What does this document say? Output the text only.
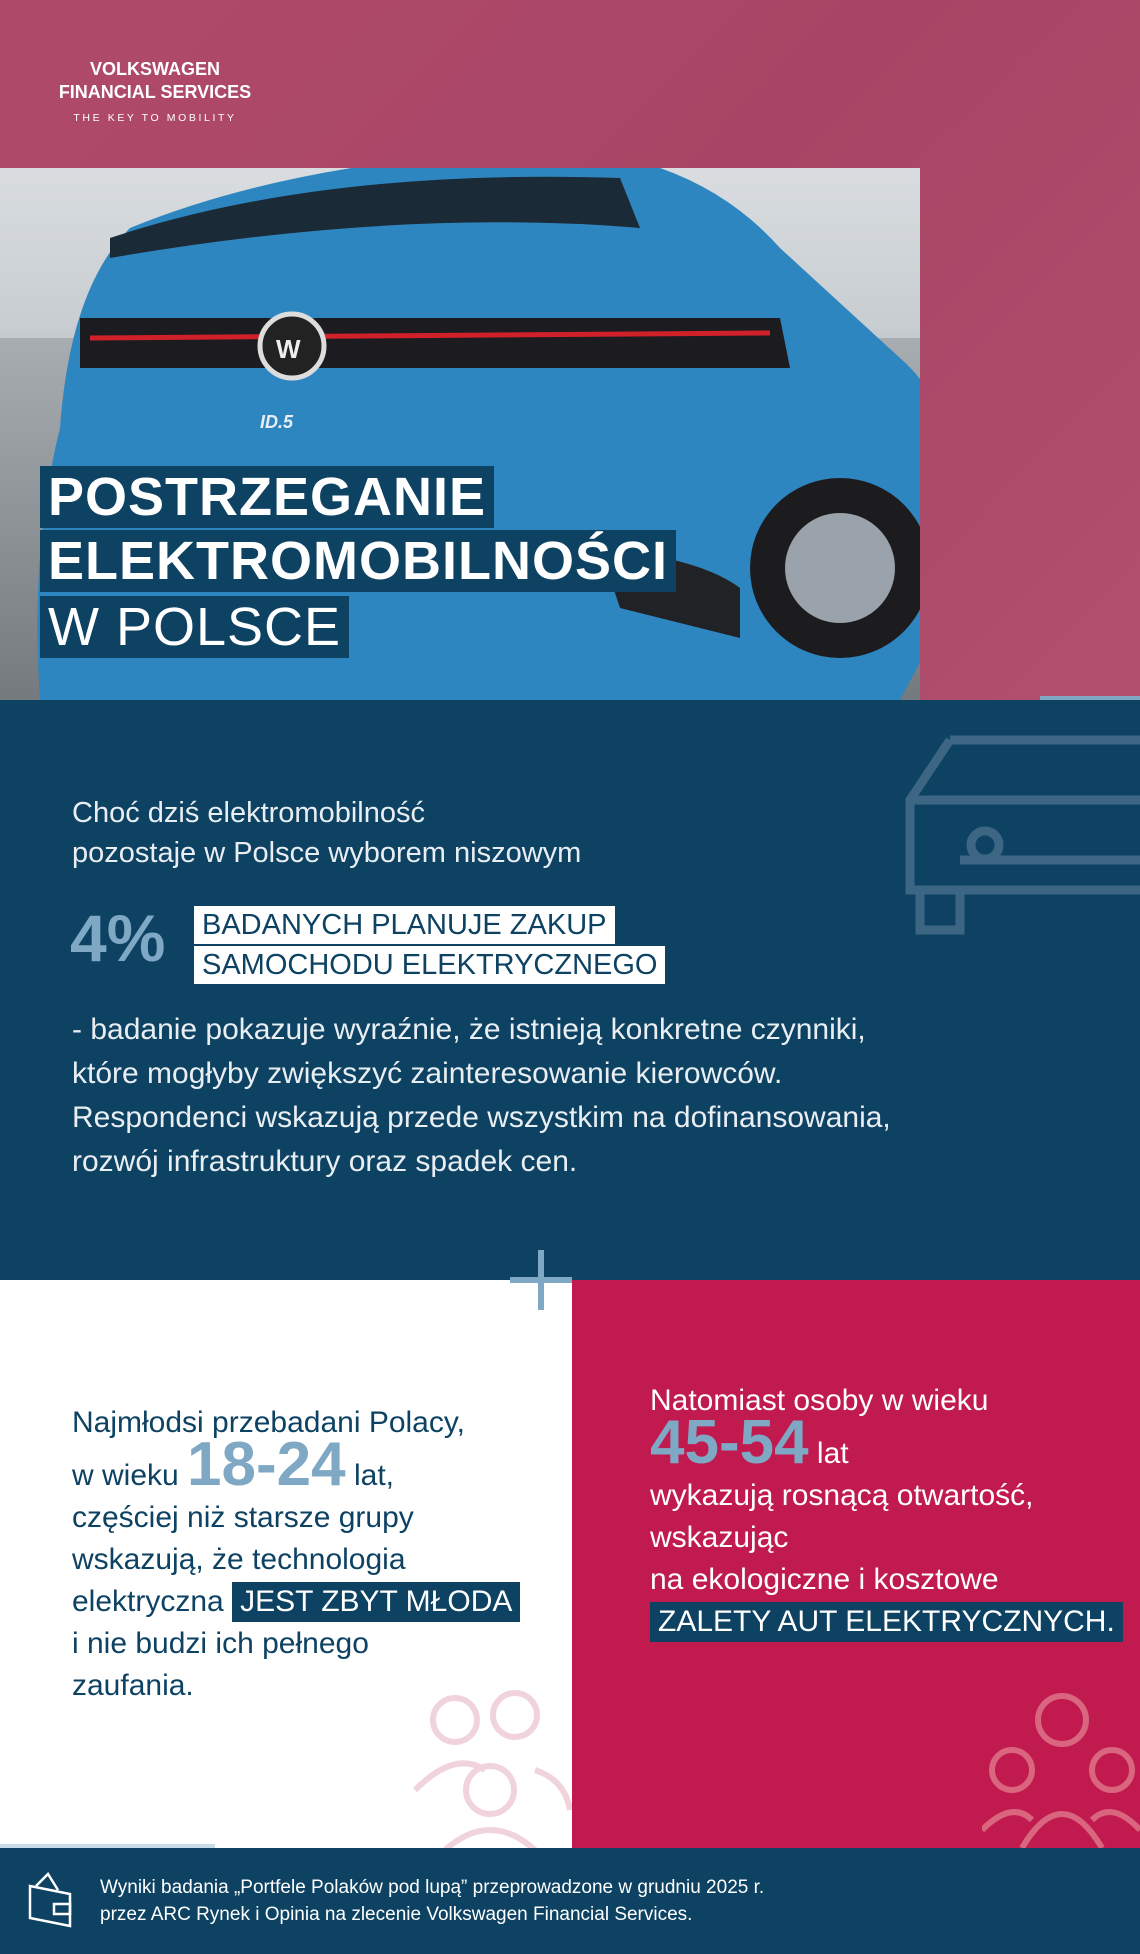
W
ID.5
VOLKSWAGEN
FINANCIAL SERVICES
THE KEY TO MOBILITY
POSTRZEGANIE
ELEKTROMOBILNOŚCI
W POLSCE
Choć dziś elektromobilność
pozostaje w Polsce wyborem niszowym
4% BADANYCH PLANUJE ZAKUP
SAMOCHODU ELEKTRYCZNEGO
- badanie pokazuje wyraźnie, że istnieją konkretne czynniki,
które mogłyby zwiększyć zainteresowanie kierowców.
Respondenci wskazują przede wszystkim na dofinansowania,
rozwój infrastruktury oraz spadek cen.
Najmłodsi przebadani Polacy,
w wieku 18-24 lat,
częściej niż starsze grupy
wskazują, że technologia
elektryczna JEST ZBYT MŁODA
i nie budzi ich pełnego
zaufania.
Natomiast osoby w wieku
45-54 lat
wykazują rosnącą otwartość,
wskazując
na ekologiczne i kosztowe
ZALETY AUT ELEKTRYCZNYCH.
Wyniki badania „Portfele Polaków pod lupą” przeprowadzone w grudniu 2025 r.
przez ARC Rynek i Opinia na zlecenie Volkswagen Financial Services.
